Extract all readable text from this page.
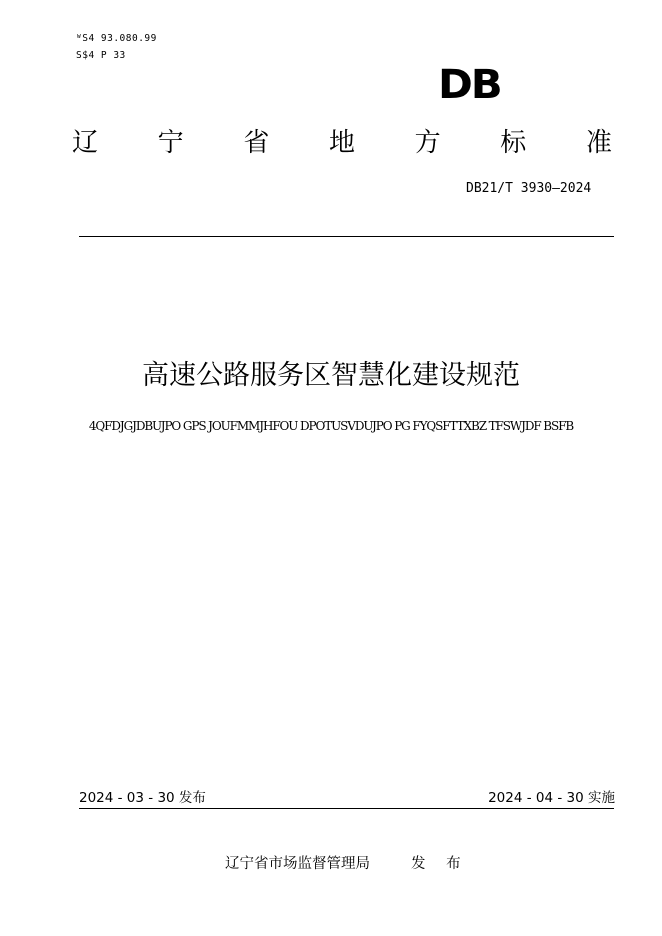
ᵂS4 93.080.99
S$4 P 33
DB
辽 宁 省 地 方 标 准
DB21/T 3930—2024
高速公路服务区智慧化建设规范
4QFDJGJDBUJPO GPS JOUFMMJHFOU DPOTUSVDUJPO PG FYQSFTTXBZ TFSWJDF BSFB
2024 - 03 - 30 发布	2024 - 04 - 30 实施
辽宁省市场监督管理局	发 布
